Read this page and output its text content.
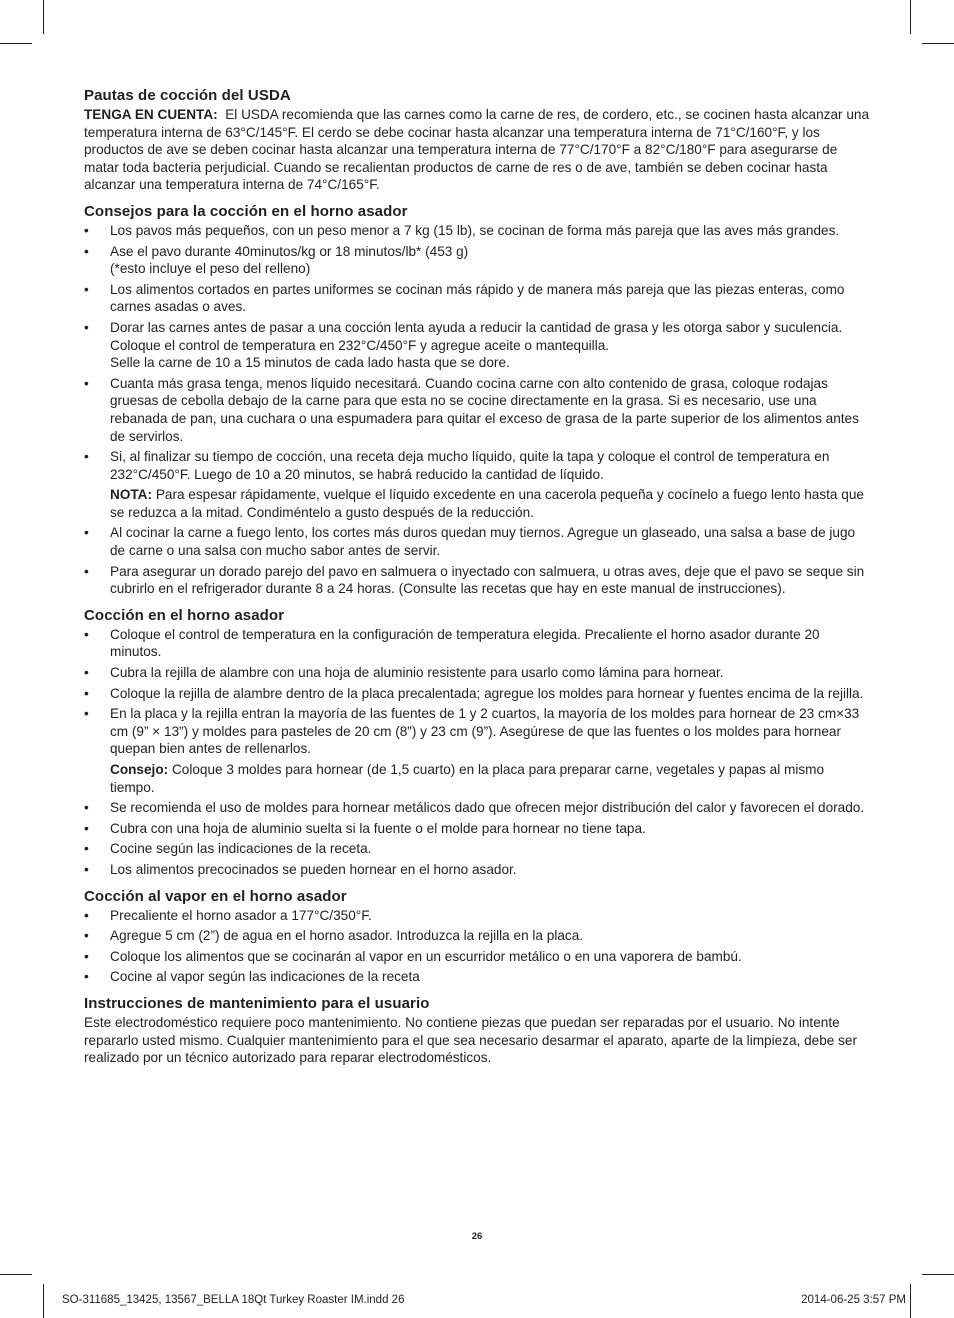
Pautas de cocción del USDA

TENGA EN CUENTA: El USDA recomienda que las carnes como la carne de res, de cordero, etc., se cocinen hasta alcanzar una temperatura interna de 63°C/145°F. El cerdo se debe cocinar hasta alcanzar una temperatura interna de 71°C/160°F, y los productos de ave se deben cocinar hasta alcanzar una temperatura interna de 77°C/170°F a 82°C/180°F para asegurarse de matar toda bacteria perjudicial. Cuando se recalientan productos de carne de res o de ave, también se deben cocinar hasta alcanzar una temperatura interna de 74°C/165°F.

Consejos para la cocción en el horno asador
• Los pavos más pequeños, con un peso menor a 7 kg (15 lb), se cocinan de forma más pareja que las aves más grandes.
• Ase el pavo durante 40minutos/kg or 18 minutos/lb* (453 g)
(*esto incluye el peso del relleno)
• Los alimentos cortados en partes uniformes se cocinan más rápido y de manera más pareja que las piezas enteras, como carnes asadas o aves.
• Dorar las carnes antes de pasar a una cocción lenta ayuda a reducir la cantidad de grasa y les otorga sabor y suculencia. Coloque el control de temperatura en 232°C/450°F y agregue aceite o mantequilla.
Selle la carne de 10 a 15 minutos de cada lado hasta que se dore.
• Cuanta más grasa tenga, menos líquido necesitará. Cuando cocina carne con alto contenido de grasa, coloque rodajas gruesas de cebolla debajo de la carne para que esta no se cocine directamente en la grasa. Si es necesario, use una rebanada de pan, una cuchara o una espumadera para quitar el exceso de grasa de la parte superior de los alimentos antes de servirlos.
• Si, al finalizar su tiempo de cocción, una receta deja mucho líquido, quite la tapa y coloque el control de temperatura en 232°C/450°F. Luego de 10 a 20 minutos, se habrá reducido la cantidad de líquido.

NOTA: Para espesar rápidamente, vuelque el líquido excedente en una cacerola pequeña y cocínelo a fuego lento hasta que se reduzca a la mitad. Condiméntelo a gusto después de la reducción.

• Al cocinar la carne a fuego lento, los cortes más duros quedan muy tiernos. Agregue un glaseado, una salsa a base de jugo de carne o una salsa con mucho sabor antes de servir.
• Para asegurar un dorado parejo del pavo en salmuera o inyectado con salmuera, u otras aves, deje que el pavo se seque sin cubrirlo en el refrigerador durante 8 a 24 horas. (Consulte las recetas que hay en este manual de instrucciones).
Cocción en el horno asador
• Coloque el control de temperatura en la configuración de temperatura elegida. Precaliente el horno asador durante 20 minutos.
• Cubra la rejilla de alambre con una hoja de aluminio resistente para usarlo como lámina para hornear.
• Coloque la rejilla de alambre dentro de la placa precalentada; agregue los moldes para hornear y fuentes encima de la rejilla.
• En la placa y la rejilla entran la mayoría de las fuentes de 1 y 2 cuartos, la mayoría de los moldes para hornear de 23 cm×33 cm (9” × 13”) y moldes para pasteles de 20 cm (8”) y 23 cm (9”). Asegúrese de que las fuentes o los moldes para hornear quepan bien antes de rellenarlos.

Consejo: Coloque 3 moldes para hornear (de 1,5 cuarto) en la placa para preparar carne, vegetales y papas al mismo tiempo.

• Se recomienda el uso de moldes para hornear metálicos dado que ofrecen mejor distribución del calor y favorecen el dorado.
• Cubra con una hoja de aluminio suelta si la fuente o el molde para hornear no tiene tapa.
• Cocine según las indicaciones de la receta.
• Los alimentos precocinados se pueden hornear en el horno asador.
Cocción al vapor en el horno asador
• Precaliente el horno asador a 177°C/350°F.
• Agregue 5 cm (2”) de agua en el horno asador. Introduzca la rejilla en la placa.
• Coloque los alimentos que se cocinarán al vapor en un escurridor metálico o en una vaporera de bambú.
• Cocine al vapor según las indicaciones de la receta
Instrucciones de mantenimiento para el usuario

Este electrodoméstico requiere poco mantenimiento. No contiene piezas que puedan ser reparadas por el usuario. No intente repararlo usted mismo. Cualquier mantenimiento para el que sea necesario desarmar el aparato, aparte de la limpieza, debe ser realizado por un técnico autorizado para reparar electrodomésticos.

26
SO-311685_13425, 13567_BELLA 18Qt Turkey Roaster IM.indd 26	2014-06-25 3:57 PM
